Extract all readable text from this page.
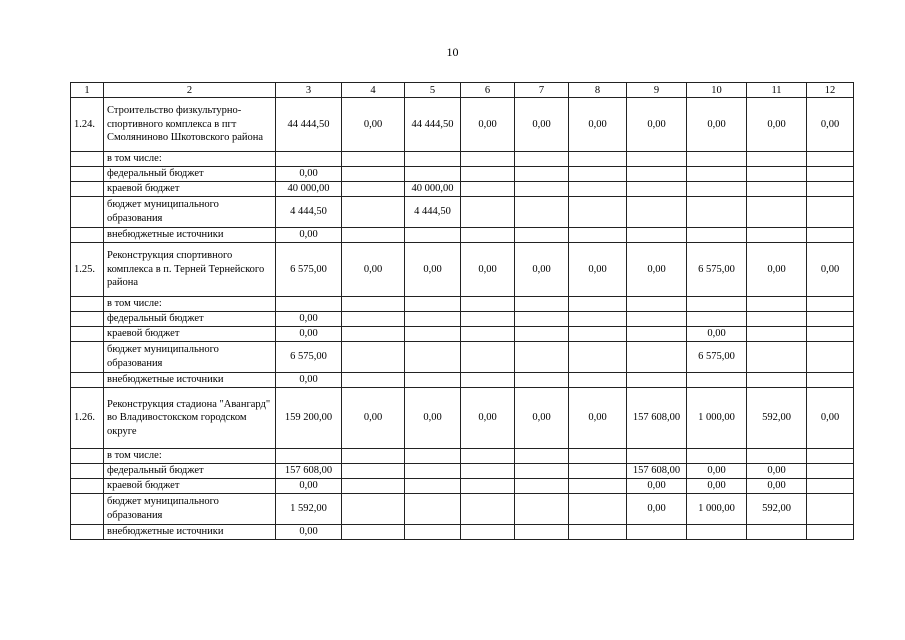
10
1	2	3	4	5	6	7	8	9	10	11	12
1.24.	Строительство физкультурно-спортивного комплекса в пгт Смоляниново Шкотовского района	44 444,50	0,00	44 444,50	0,00	0,00	0,00	0,00	0,00	0,00	0,00
	в том числе:										
	федеральный бюджет	0,00									
	краевой бюджет	40 000,00		40 000,00							
	бюджет муниципального образования	4 444,50		4 444,50							
	внебюджетные источники	0,00									
1.25.	Реконструкция спортивного комплекса в п. Терней Тернейского района	6 575,00	0,00	0,00	0,00	0,00	0,00	0,00	6 575,00	0,00	0,00
	в том числе:										
	федеральный бюджет	0,00									
	краевой бюджет	0,00							0,00		
	бюджет муниципального образования	6 575,00							6 575,00		
	внебюджетные источники	0,00									
1.26.	Реконструкция стадиона "Авангард" во Владивостокском городском округе	159 200,00	0,00	0,00	0,00	0,00	0,00	157 608,00	1 000,00	592,00	0,00
	в том числе:										
	федеральный бюджет	157 608,00						157 608,00	0,00	0,00	
	краевой бюджет	0,00						0,00	0,00	0,00	
	бюджет муниципального образования	1 592,00						0,00	1 000,00	592,00	
	внебюджетные источники	0,00									
